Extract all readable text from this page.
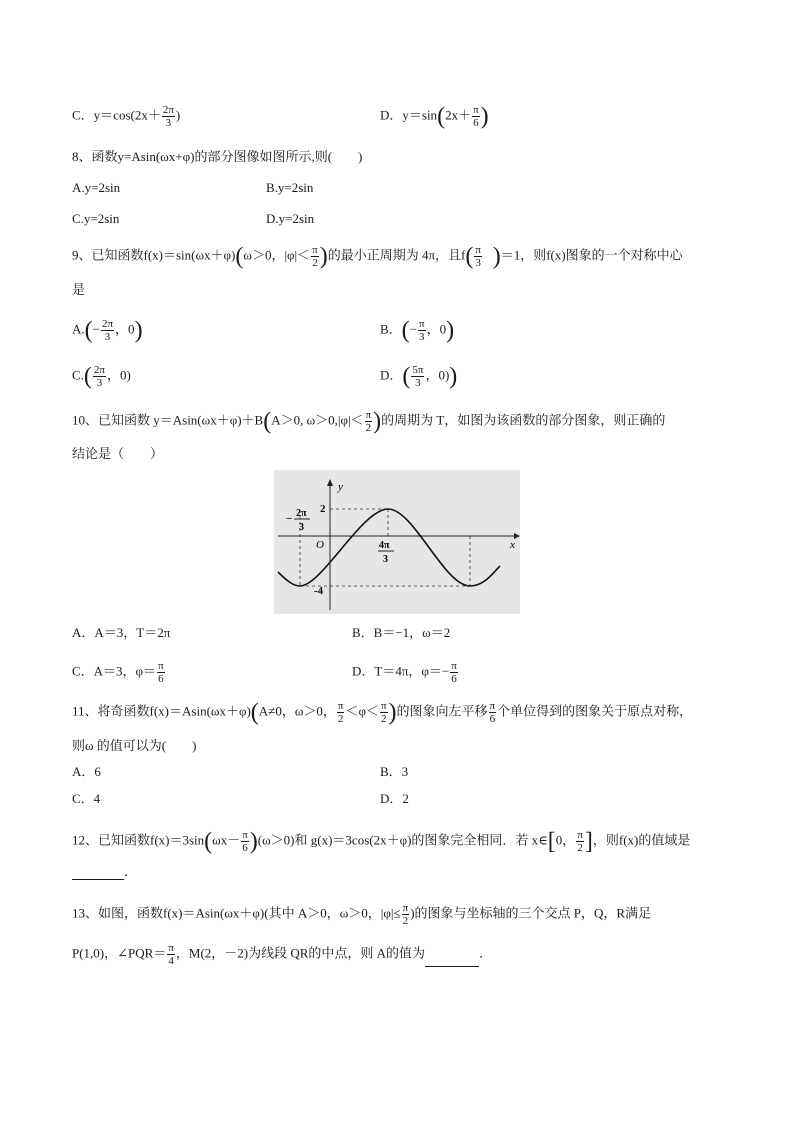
C．$y=\cos(2x+ \frac{2\pi}{3}$ )	D．$y=\sin(2x+ \frac{\pi}{6}$ )
8、函数y=Asin(ωx+φ)的部分图像如图所示,则(　　)
A.y=2sin	B.y=2sin
C.y=2sin	D.y=2sin
9、已知函数f(x)＝sin(ωx＋φ)(ω＞0，$|\varphi|< \frac{\pi}{2}$ )的最小正周期为 4π，且$f( \frac{\pi}{3} )=1$，则f(x)图象的一个对称中心
是
$A.(- \frac{2\pi}{3}$ ，0)	B．(− $\frac{\pi}{3}$ ，0)
$C.( \frac{2\pi}{3}$ ，0)	D．( $\frac{5\pi}{3}$ ，0))
10、已知函数 y＝Asin(ωx＋φ)＋B(A＞0, $\omega>0,|\varphi|< \frac{\pi}{2}$ )的周期为 T，如图为该函数的部分图象，则正确的
结论是（　　）
y
x
O
2
-4
− 2π
3
4π
3
A．A＝3，T＝2π	B．B＝−1，ω＝2
C．A＝3，$\varphi= \frac{\pi}{6}$	D．T＝4π，$\varphi=- \frac{\pi}{6}$
11、将奇函数f(x)＝Asin(ωx＋φ)(A≠0，ω＞0， $\frac{\pi}{2} <\varphi< \frac{\pi}{2}$ )的图象向左平移 $\frac{\pi}{6}$ 个单位得到的图象关于原点对称，
则ω 的值可以为(　　)
A．6	B．3
C．4	D．2
12、已知函数$f(x)=3\sin(\omega x- \frac{\pi}{6} )(\omega>0)$和 g(x)＝3cos(2x＋φ)的图象完全相同．若 x∈[0， $\frac{\pi}{2}$ ]，则f(x)的值域是
．
13、如图，函数f(x)＝Asin(ωx＋φ)(其中 A＞0，ω＞0，$|\varphi|\le \frac{\pi}{2}$ )的图象与坐标轴的三个交点 P，Q，R满足
P(1,0)，∠PQR＝ $\frac{\pi}{4}$ ，M(2，－2)为线段 QR的中点，则 A的值为	．
